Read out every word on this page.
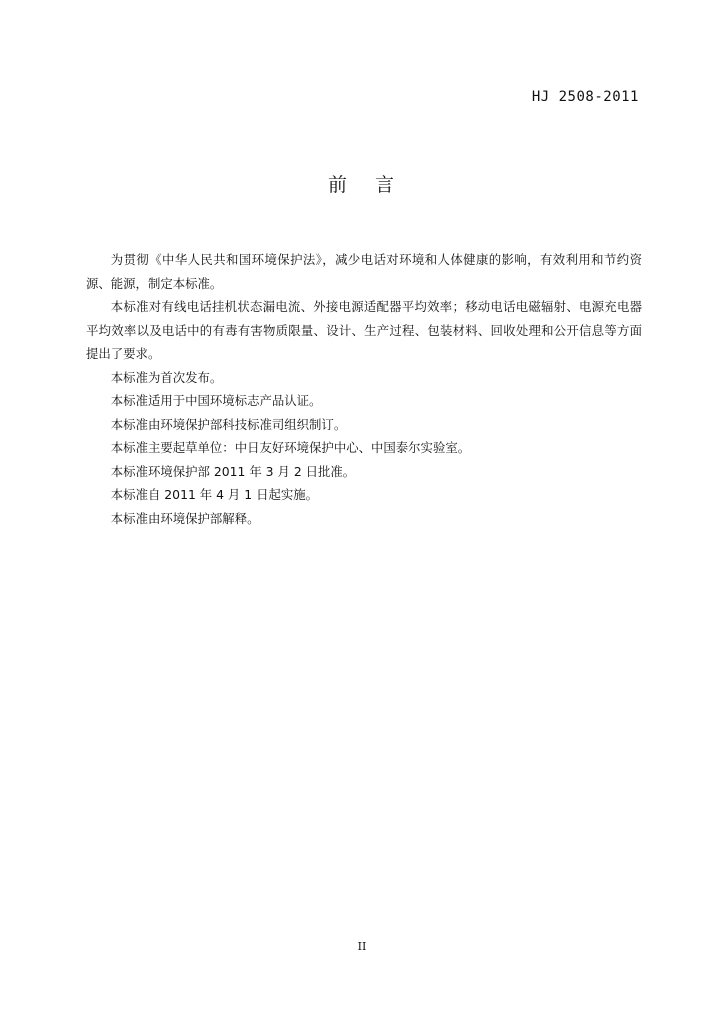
HJ 2508-2011
前 言

为贯彻《中华人民共和国环境保护法》，减少电话对环境和人体健康的影响，有效利用和节约资源、能源，制定本标准。

本标准对有线电话挂机状态漏电流、外接电源适配器平均效率；移动电话电磁辐射、电源充电器平均效率以及电话中的有毒有害物质限量、设计、生产过程、包装材料、回收处理和公开信息等方面提出了要求。

本标准为首次发布。

本标准适用于中国环境标志产品认证。

本标准由环境保护部科技标准司组织制订。

本标准主要起草单位：中日友好环境保护中心、中国泰尔实验室。

本标准环境保护部 2011 年 3 月 2 日批准。

本标准自 2011 年 4 月 1 日起实施。

本标准由环境保护部解释。

II
